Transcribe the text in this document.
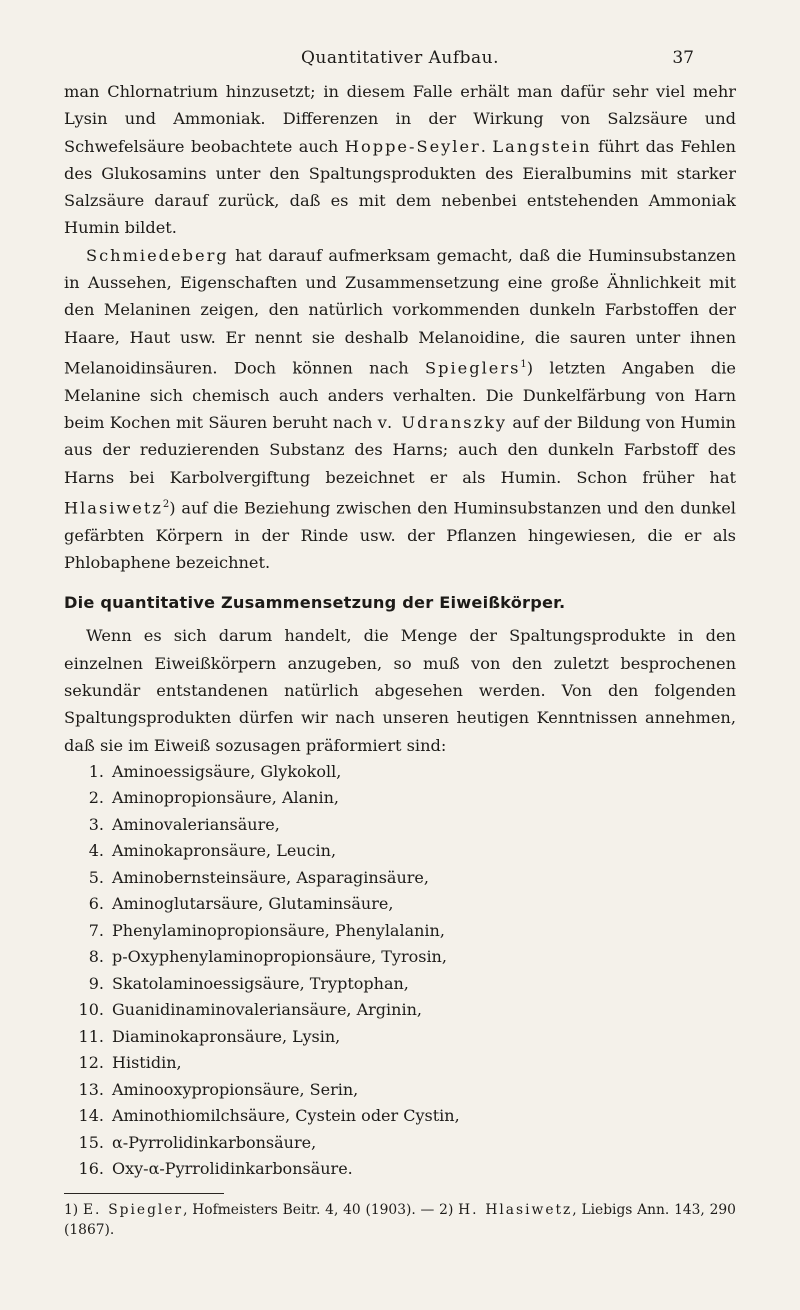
Quantitativer Aufbau.	37

man Chlornatrium hinzusetzt; in diesem Falle erhält man dafür sehr viel mehr Lysin und Ammoniak. Differenzen in der Wirkung von Salzsäure und Schwefelsäure beobachtete auch Hoppe-Seyler. Langstein führt das Fehlen des Glukosamins unter den Spaltungsprodukten des Eieralbumins mit starker Salzsäure darauf zurück, daß es mit dem nebenbei entstehenden Ammoniak Humin bildet.

Schmiedeberg hat darauf aufmerksam gemacht, daß die Huminsubstanzen in Aussehen, Eigenschaften und Zusammensetzung eine große Ähnlichkeit mit den Melaninen zeigen, den natürlich vorkommenden dunkeln Farbstoffen der Haare, Haut usw. Er nennt sie deshalb Melanoidine, die sauren unter ihnen Melanoidinsäuren. Doch können nach Spieglers$^1$) letzten Angaben die Melanine sich chemisch auch anders verhalten. Die Dunkelfärbung von Harn beim Kochen mit Säuren beruht nach v. Udranszky auf der Bildung von Humin aus der reduzierenden Substanz des Harns; auch den dunkeln Farbstoff des Harns bei Karbolvergiftung bezeichnet er als Humin. Schon früher hat Hlasiwetz$^2$) auf die Beziehung zwischen den Huminsubstanzen und den dunkel gefärbten Körpern in der Rinde usw. der Pflanzen hingewiesen, die er als Phlobaphene bezeichnet.

Die quantitative Zusammensetzung der Eiweißkörper.

Wenn es sich darum handelt, die Menge der Spaltungsprodukte in den einzelnen Eiweißkörpern anzugeben, so muß von den zuletzt besprochenen sekundär entstandenen natürlich abgesehen werden. Von den folgenden Spaltungsprodukten dürfen wir nach unseren heutigen Kenntnissen annehmen, daß sie im Eiweiß sozusagen präformiert sind:

1. Aminoessigsäure, Glykokoll,
2. Aminopropionsäure, Alanin,
3. Aminovaleriansäure,
4. Aminokapronsäure, Leucin,
5. Aminobernsteinsäure, Asparaginsäure,
6. Aminoglutarsäure, Glutaminsäure,
7. Phenylaminopropionsäure, Phenylalanin,
8. p-Oxyphenylaminopropionsäure, Tyrosin,
9. Skatolaminoessigsäure, Tryptophan,
10. Guanidinaminovaleriansäure, Arginin,
11. Diaminokapronsäure, Lysin,
12. Histidin,
13. Aminooxypropionsäure, Serin,
14. Aminothiomilchsäure, Cystein oder Cystin,
15. α-Pyrrolidinkarbonsäure,
16. Oxy-α-Pyrrolidinkarbonsäure.
1) E. Spiegler, Hofmeisters Beitr. 4, 40 (1903). — 2) H. Hlasiwetz, Liebigs Ann. 143, 290 (1867).
